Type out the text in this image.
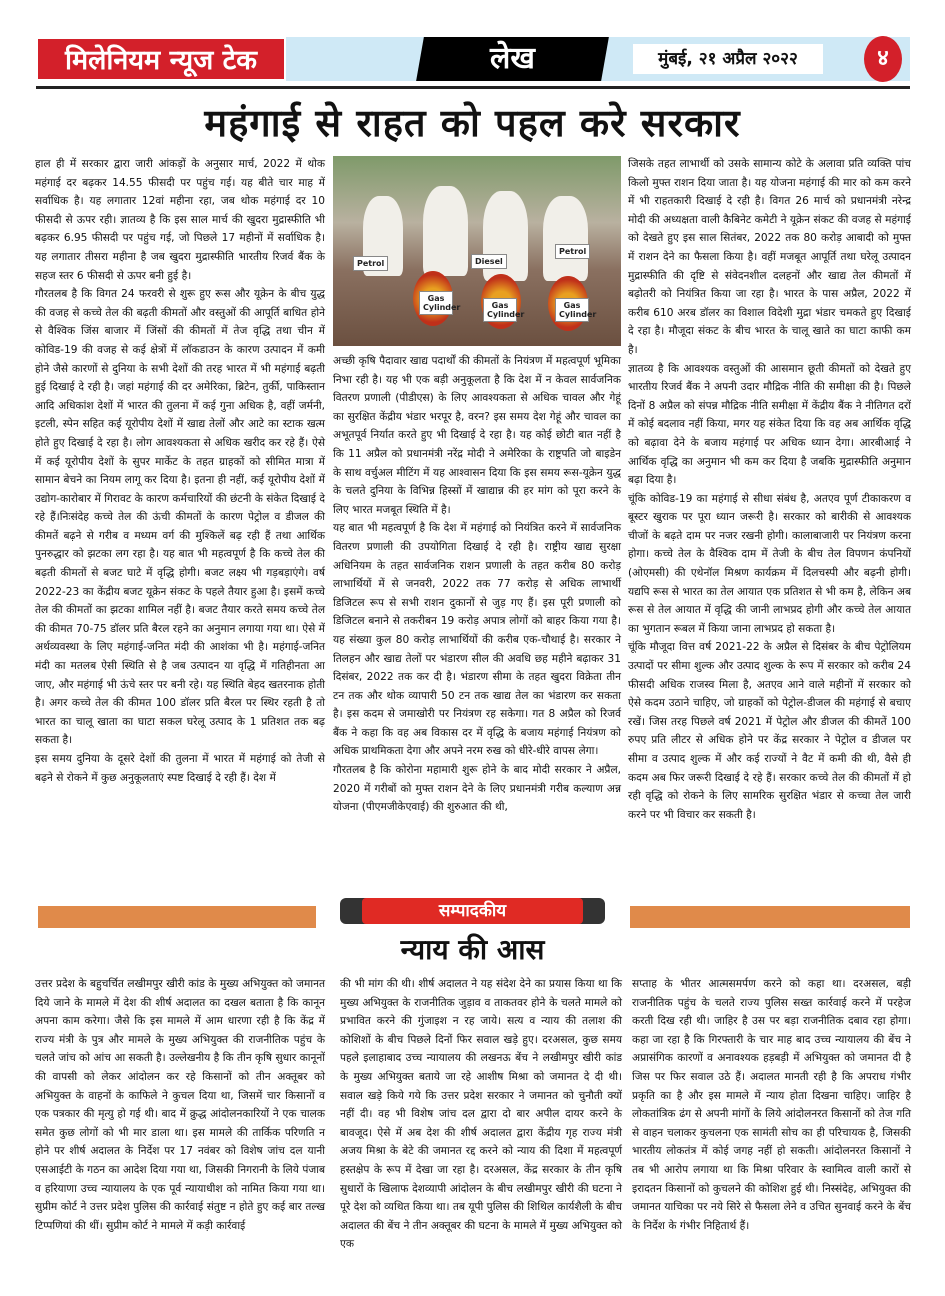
मिलेनियम न्यूज टेक	लेख	मुंबई, २१ अप्रैल २०२२	४
महंगाई से राहत को पहल करे सरकार

हाल ही में सरकार द्वारा जारी आंकड़ों के अनुसार मार्च, 2022 में थोक महंगाई दर बढ़कर 14.55 फीसदी पर पहुंच गई। यह बीते चार माह में सर्वाधिक है। यह लगातार 12वां महीना रहा, जब थोक महंगाई दर 10 फीसदी से ऊपर रही। ज्ञातव्य है कि इस साल मार्च की खुदरा मुद्रास्फीति भी बढ़कर 6.95 फीसदी पर पहुंच गई, जो पिछले 17 महीनों में सर्वाधिक है। यह लगातार तीसरा महीना है जब खुदरा मुद्रास्फीति भारतीय रिजर्व बैंक के सहज स्तर 6 फीसदी से ऊपर बनी हुई है।

गौरतलब है कि विगत 24 फरवरी से शुरू हुए रूस और यूक्रेन के बीच युद्ध की वजह से कच्चे तेल की बढ़ती कीमतों और वस्तुओं की आपूर्ति बाधित होने से वैश्विक जिंस बाजार में जिंसों की कीमतों में तेज वृद्धि तथा चीन में कोविड-19 की वजह से कई क्षेत्रों में लॉकडाउन के कारण उत्पादन में कमी होने जैसे कारणों से दुनिया के सभी देशों की तरह भारत में भी महंगाई बढ़ती हुई दिखाई दे रही है। जहां महंगाई की दर अमेरिका, ब्रिटेन, तुर्की, पाकिस्तान आदि अधिकांश देशों में भारत की तुलना में कई गुना अधिक है, वहीं जर्मनी, इटली, स्पेन सहित कई यूरोपीय देशों में खाद्य तेलों और आटे का स्टाक खत्म होते हुए दिखाई दे रहा है। लोग आवश्यकता से अधिक खरीद कर रहे हैं। ऐसे में कई यूरोपीय देशों के सुपर मार्केट के तहत ग्राहकों को सीमित मात्रा में सामान बेचने का नियम लागू कर दिया है। इतना ही नहीं, कई यूरोपीय देशों में उद्योग-कारोबार में गिरावट के कारण कर्मचारियों की छंटनी के संकेत दिखाई दे रहे हैं।निःसंदेह कच्चे तेल की ऊंची कीमतों के कारण पेट्रोल व डीजल की कीमतें बढ़ने से गरीब व मध्यम वर्ग की मुश्किलें बढ़ रही हैं तथा आर्थिक पुनरुद्धार को झटका लग रहा है। यह बात भी महत्वपूर्ण है कि कच्चे तेल की बढ़ती कीमतों से बजट घाटे में वृद्धि होगी। बजट लक्ष्य भी गड़बड़ाएंगे। वर्ष 2022-23 का केंद्रीय बजट यूक्रेन संकट के पहले तैयार हुआ है। इसमें कच्चे तेल की कीमतों का झटका शामिल नहीं है। बजट तैयार करते समय कच्चे तेल की कीमत 70-75 डॉलर प्रति बैरल रहने का अनुमान लगाया गया था। ऐसे में अर्थव्यवस्था के लिए महंगाई-जनित मंदी की आशंका भी है। महंगाई-जनित मंदी का मतलब ऐसी स्थिति से है जब उत्पादन या वृद्धि में गतिहीनता आ जाए, और महंगाई भी ऊंचे स्तर पर बनी रहे। यह स्थिति बेहद खतरनाक होती है। अगर कच्चे तेल की कीमत 100 डॉलर प्रति बैरल पर स्थिर रहती है तो भारत का चालू खाता का घाटा सकल घरेलू उत्पाद के 1 प्रतिशत तक बढ़ सकता है।

इस समय दुनिया के दूसरे देशों की तुलना में भारत में महंगाई को तेजी से बढ़ने से रोकने में कुछ अनुकूलताएं स्पष्ट दिखाई दे रही हैं। देश में

Petrol	Diesel
Gas Cylinder	Gas Cylinder
Gas Cylinder
Petrol

अच्छी कृषि पैदावार खाद्य पदार्थों की कीमतों के नियंत्रण में महत्वपूर्ण भूमिका निभा रही है। यह भी एक बड़ी अनुकूलता है कि देश में न केवल सार्वजनिक वितरण प्रणाली (पीडीएस) के लिए आवश्यकता से अधिक चावल और गेहूं का सुरक्षित केंद्रीय भंडार भरपूर है, वरन? इस समय देश गेहूं और चावल का अभूतपूर्व निर्यात करते हुए भी दिखाई दे रहा है। यह कोई छोटी बात नहीं है कि 11 अप्रैल को प्रधानमंत्री नरेंद्र मोदी ने अमेरिका के राष्ट्रपति जो बाइडेन के साथ वर्चुअल मीटिंग में यह आश्वासन दिया कि इस समय रूस-यूक्रेन युद्ध के चलते दुनिया के विभिन्न हिस्सों में खाद्यान्न की हर मांग को पूरा करने के लिए भारत मजबूत स्थिति में है।

यह बात भी महत्वपूर्ण है कि देश में महंगाई को नियंत्रित करने में सार्वजनिक वितरण प्रणाली की उपयोगिता दिखाई दे रही है। राष्ट्रीय खाद्य सुरक्षा अधिनियम के तहत सार्वजनिक राशन प्रणाली के तहत करीब 80 करोड़ लाभार्थियों में से जनवरी, 2022 तक 77 करोड़ से अधिक लाभार्थी डिजिटल रूप से सभी राशन दुकानों से जुड़ गए हैं। इस पूरी प्रणाली को डिजिटल बनाने से तकरीबन 19 करोड़ अपात्र लोगों को बाहर किया गया है। यह संख्या कुल 80 करोड़ लाभार्थियों की करीब एक-चौथाई है। सरकार ने तिलहन और खाद्य तेलों पर भंडारण सील की अवधि छह महीने बढ़ाकर 31 दिसंबर, 2022 तक कर दी है। भंडारण सीमा के तहत खुदरा विक्रेता तीन टन तक और थोक व्यापारी 50 टन तक खाद्य तेल का भंडारण कर सकता है। इस कदम से जमाखोरी पर नियंत्रण रह सकेगा। गत 8 अप्रैल को रिजर्व बैंक ने कहा कि वह अब विकास दर में वृद्धि के बजाय महंगाई नियंत्रण को अधिक प्राथमिकता देगा और अपने नरम रुख को धीरे-धीरे वापस लेगा।

गौरतलब है कि कोरोना महामारी शुरू होने के बाद मोदी सरकार ने अप्रैल, 2020 में गरीबों को मुफ्त राशन देने के लिए प्रधानमंत्री गरीब कल्याण अन्न योजना (पीएमजीकेएवाई) की शुरुआत की थी,

जिसके तहत लाभार्थी को उसके सामान्य कोटे के अलावा प्रति व्यक्ति पांच किलो मुफ्त राशन दिया जाता है। यह योजना महंगाई की मार को कम करने में भी राहतकारी दिखाई दे रही है। विगत 26 मार्च को प्रधानमंत्री नरेन्द्र मोदी की अध्यक्षता वाली कैबिनेट कमेटी ने यूक्रेन संकट की वजह से महंगाई को देखते हुए इस साल सितंबर, 2022 तक 80 करोड़ आबादी को मुफ्त में राशन देने का फैसला किया है। वहीं मजबूत आपूर्ति तथा घरेलू उत्पादन मुद्रास्फीति की दृष्टि से संवेदनशील दलहनों और खाद्य तेल कीमतों में बढ़ोतरी को नियंत्रित किया जा रहा है। भारत के पास अप्रैल, 2022 में करीब 610 अरब डॉलर का विशाल विदेशी मुद्रा भंडार चमकते हुए दिखाई दे रहा है। मौजूदा संकट के बीच भारत के चालू खाते का घाटा काफी कम है।

ज्ञातव्य है कि आवश्यक वस्तुओं की आसमान छूती कीमतों को देखते हुए भारतीय रिजर्व बैंक ने अपनी उदार मौद्रिक नीति की समीक्षा की है। पिछले दिनों 8 अप्रैल को संपन्न मौद्रिक नीति समीक्षा में केंद्रीय बैंक ने नीतिगत दरों में कोई बदलाव नहीं किया, मगर यह संकेत दिया कि वह अब आर्थिक वृद्धि को बढ़ावा देने के बजाय महंगाई पर अधिक ध्यान देगा। आरबीआई ने आर्थिक वृद्धि का अनुमान भी कम कर दिया है जबकि मुद्रास्फीति अनुमान बढ़ा दिया है।

चूंकि कोविड-19 का महंगाई से सीधा संबंध है, अतएव पूर्ण टीकाकरण व बूस्टर खुराक पर पूरा ध्यान जरूरी है। सरकार को बारीकी से आवश्यक चीजों के बढ़ते दाम पर नजर रखनी होगी। कालाबाजारी पर नियंत्रण करना होगा। कच्चे तेल के वैश्विक दाम में तेजी के बीच तेल विपणन कंपनियों (ओएमसी) की एथेनॉल मिश्रण कार्यक्रम में दिलचस्पी और बढ़नी होगी। यद्यपि रूस से भारत का तेल आयात एक प्रतिशत से भी कम है, लेकिन अब रूस से तेल आयात में वृद्धि की जानी लाभप्रद होगी और कच्चे तेल आयात का भुगतान रूबल में किया जाना लाभप्रद हो सकता है।

चूंकि मौजूदा वित्त वर्ष 2021-22 के अप्रैल से दिसंबर के बीच पेट्रोलियम उत्पादों पर सीमा शुल्क और उत्पाद शुल्क के रूप में सरकार को करीब 24 फीसदी अधिक राजस्व मिला है, अतएव आने वाले महीनों में सरकार को ऐसे कदम उठाने चाहिए, जो ग्राहकों को पेट्रोल-डीजल की महंगाई से बचाए रखें। जिस तरह पिछले वर्ष 2021 में पेट्रोल और डीजल की कीमतें 100 रुपए प्रति लीटर से अधिक होने पर केंद्र सरकार ने पेट्रोल व डीजल पर सीमा व उत्पाद शुल्क में और कई राज्यों ने वैट में कमी की थी, वैसे ही कदम अब फिर जरूरी दिखाई दे रहे हैं। सरकार कच्चे तेल की कीमतों में हो रही वृद्धि को रोकने के लिए सामरिक सुरक्षित भंडार से कच्चा तेल जारी करने पर भी विचार कर सकती है।

सम्पादकीय
न्याय की आस

उत्तर प्रदेश के बहुचर्चित लखीमपुर खीरी कांड के मुख्य अभियुक्त को जमानत दिये जाने के मामले में देश की शीर्ष अदालत का दखल बताता है कि कानून अपना काम करेगा। जैसे कि इस मामले में आम धारणा रही है कि केंद्र में राज्य मंत्री के पुत्र और मामले के मुख्य अभियुक्त की राजनीतिक पहुंच के चलते जांच को आंच आ सकती है। उल्लेखनीय है कि तीन कृषि सुधार कानूनों की वापसी को लेकर आंदोलन कर रहे किसानों को तीन अक्तूबर को अभियुक्त के वाहनों के काफिले ने कुचल दिया था, जिसमें चार किसानों व एक पत्रकार की मृत्यु हो गई थी। बाद में क्रुद्ध आंदोलनकारियों ने एक चालक समेत कुछ लोगों को भी मार डाला था। इस मामले की तार्किक परिणति न होने पर शीर्ष अदालत के निर्देश पर 17 नवंबर को विशेष जांच दल यानी एसआईटी के गठन का आदेश दिया गया था, जिसकी निगरानी के लिये पंजाब व हरियाणा उच्च न्यायालय के एक पूर्व न्यायाधीश को नामित किया गया था। सुप्रीम कोर्ट ने उत्तर प्रदेश पुलिस की कार्रवाई संतुष्ट न होते हुए कई बार तल्ख टिप्पणियां की थीं। सुप्रीम कोर्ट ने मामले में कड़ी कार्रवाई

की भी मांग की थी। शीर्ष अदालत ने यह संदेश देने का प्रयास किया था कि मुख्य अभियुक्त के राजनीतिक जुड़ाव व ताकतवर होने के चलते मामले को प्रभावित करने की गुंजाइश न रह जाये। सत्य व न्याय की तलाश की कोशिशों के बीच पिछले दिनों फिर सवाल खड़े हुए। दरअसल, कुछ समय पहले इलाहाबाद उच्च न्यायालय की लखनऊ बेंच ने लखीमपुर खीरी कांड के मुख्य अभियुक्त बताये जा रहे आशीष मिश्रा को जमानत दे दी थी। सवाल खड़े किये गये कि उत्तर प्रदेश सरकार ने जमानत को चुनौती क्यों नहीं दी। वह भी विशेष जांच दल द्वारा दो बार अपील दायर करने के बावजूद। ऐसे में अब देश की शीर्ष अदालत द्वारा केंद्रीय गृह राज्य मंत्री अजय मिश्रा के बेटे की जमानत रद्द करने को न्याय की दिशा में महत्वपूर्ण हस्तक्षेप के रूप में देखा जा रहा है। दरअसल, केंद्र सरकार के तीन कृषि सुधारों के खिलाफ देशव्यापी आंदोलन के बीच लखीमपुर खीरी की घटना ने पूरे देश को व्यथित किया था। तब यूपी पुलिस की शिथिल कार्यशैली के बीच अदालत की बेंच ने तीन अक्तूबर की घटना के मामले में मुख्य अभियुक्त को एक

सप्ताह के भीतर आत्मसमर्पण करने को कहा था। दरअसल, बड़ी राजनीतिक पहुंच के चलते राज्य पुलिस सख्त कार्रवाई करने में परहेज करती दिख रही थी। जाहिर है उस पर बड़ा राजनीतिक दबाव रहा होगा। कहा जा रहा है कि गिरफ्तारी के चार माह बाद उच्च न्यायालय की बेंच ने अप्रासंगिक कारणों व अनावश्यक हड़बड़ी में अभियुक्त को जमानत दी है जिस पर फिर सवाल उठे हैं। अदालत मानती रही है कि अपराध गंभीर प्रकृति का है और इस मामले में न्याय होता दिखना चाहिए। जाहिर है लोकतांत्रिक ढंग से अपनी मांगों के लिये आंदोलनरत किसानों को तेज गति से वाहन चलाकर कुचलना एक सामंती सोच का ही परिचायक है, जिसकी भारतीय लोकतंत्र में कोई जगह नहीं हो सकती। आंदोलनरत किसानों ने तब भी आरोप लगाया था कि मिश्रा परिवार के स्वामित्व वाली कारों से इरादतन किसानों को कुचलने की कोशिश हुई थी। निस्संदेह, अभियुक्त की जमानत याचिका पर नये सिरे से फैसला लेने व उचित सुनवाई करने के बेंच के निर्देश के गंभीर निहितार्थ हैं।
